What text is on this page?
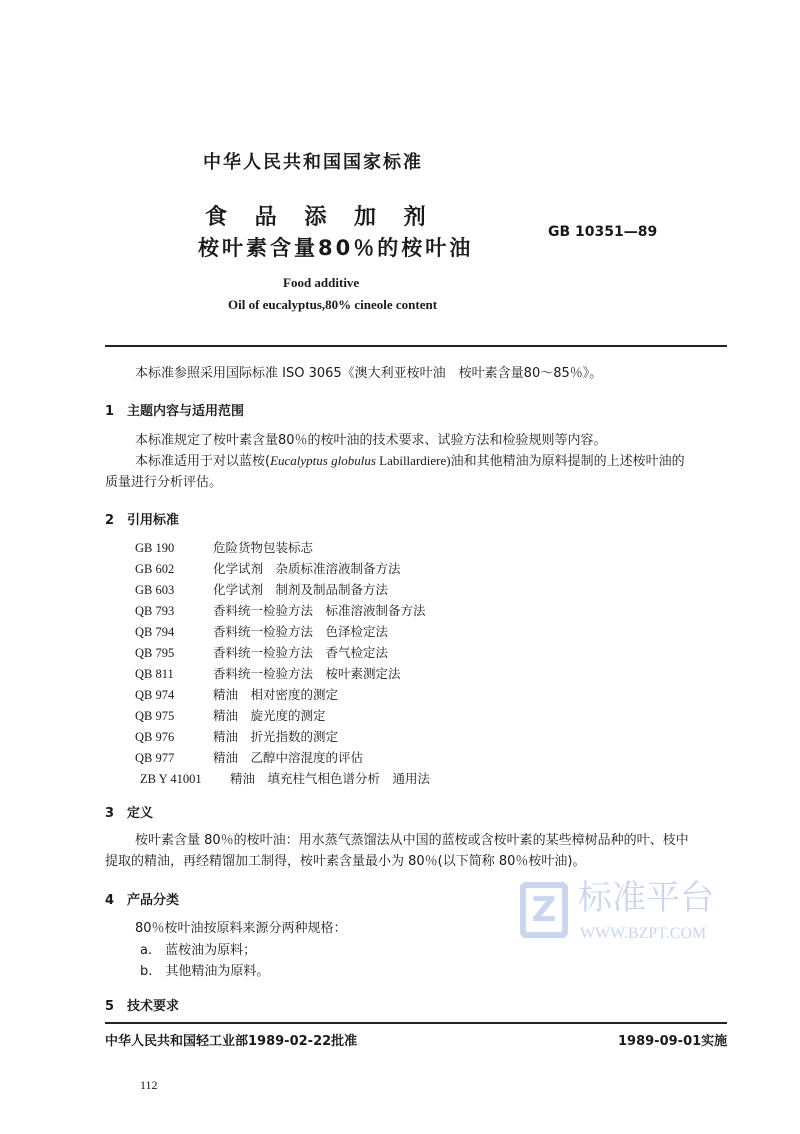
中华人民共和国国家标准
食 品 添 加 剂
桉叶素含量80％的桉叶油
GB 10351—89
Food additive
Oil of eucalyptus,80% cineole content
本标准参照采用国际标准 ISO 3065《澳大利亚桉叶油　桉叶素含量80～85％》。
1　主题内容与适用范围
本标准规定了桉叶素含量80％的桉叶油的技术要求、试验方法和检验规则等内容。
本标准适用于对以蓝桉(Eucalyptus globulus Labillardiere)油和其他精油为原料提制的上述桉叶油的
质量进行分析评估。
2　引用标准
GB 190	危险货物包装标志
GB 602	化学试剂　杂质标准溶液制备方法
GB 603	化学试剂　制剂及制品制备方法
QB 793	香料统一检验方法　标准溶液制备方法
QB 794	香料统一检验方法　色泽检定法
QB 795	香料统一检验方法　香气检定法
QB 811	香料统一检验方法　桉叶素测定法
QB 974	精油　相对密度的测定
QB 975	精油　旋光度的测定
QB 976	精油　折光指数的测定
QB 977	精油　乙醇中溶混度的评估
ZB Y 41001 精油　填充柱气相色谱分析　通用法
3　定义
桉叶素含量 80％的桉叶油：用水蒸气蒸馏法从中国的蓝桉或含桉叶素的某些樟树品种的叶、枝中
提取的精油，再经精馏加工制得，桉叶素含量最小为 80％(以下简称 80％桉叶油)。
4　产品分类
80％桉叶油按原料来源分两种规格：
a.　蓝桉油为原料；
b.　其他精油为原料。
Z 标准平台
WWW.BZPT.COM
5　技术要求
中华人民共和国轻工业部1989-02-22批准	1989-09-01实施
112
